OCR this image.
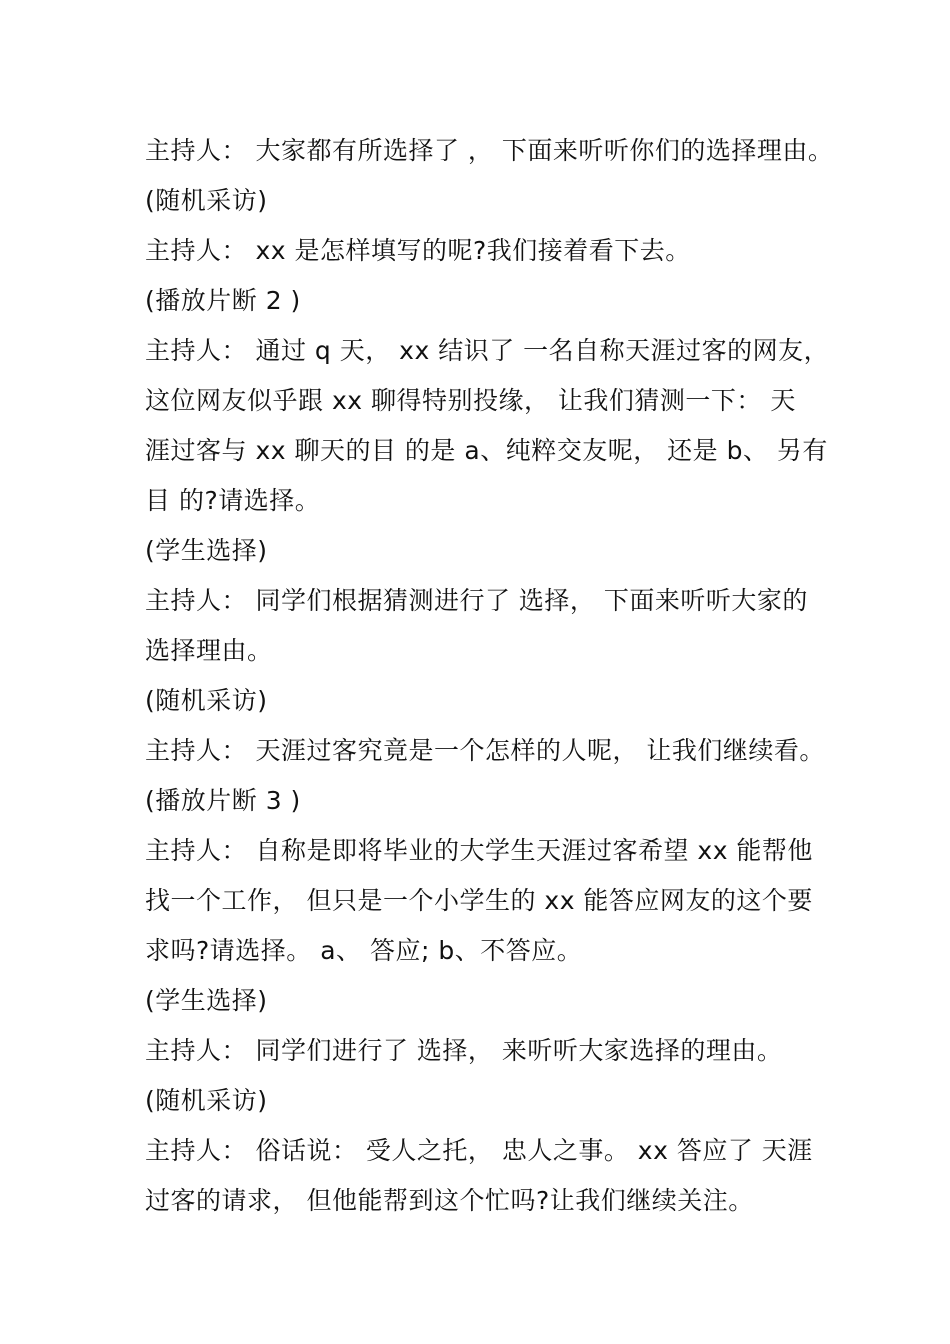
主持人： 大家都有所选择了 ， 下面来听听你们的选择理由。
(随机采访)
主持人： xx 是怎样填写的呢?我们接着看下去。
(播放片断 2 )
主持人： 通过 q 天， xx 结识了 一名自称天涯过客的网友，
这位网友似乎跟 xx 聊得特别投缘， 让我们猜测一下： 天
涯过客与 xx 聊天的目 的是 a、纯粹交友呢， 还是 b、 另有
目 的?请选择。
(学生选择)
主持人： 同学们根据猜测进行了 选择， 下面来听听大家的
选择理由。
(随机采访)
主持人： 天涯过客究竟是一个怎样的人呢， 让我们继续看。
(播放片断 3 )
主持人： 自称是即将毕业的大学生天涯过客希望 xx 能帮他
找一个工作， 但只是一个小学生的 xx 能答应网友的这个要
求吗?请选择。 a、 答应; b、不答应。
(学生选择)
主持人： 同学们进行了 选择， 来听听大家选择的理由。
(随机采访)
主持人： 俗话说： 受人之托， 忠人之事。 xx 答应了 天涯
过客的请求， 但他能帮到这个忙吗?让我们继续关注。
